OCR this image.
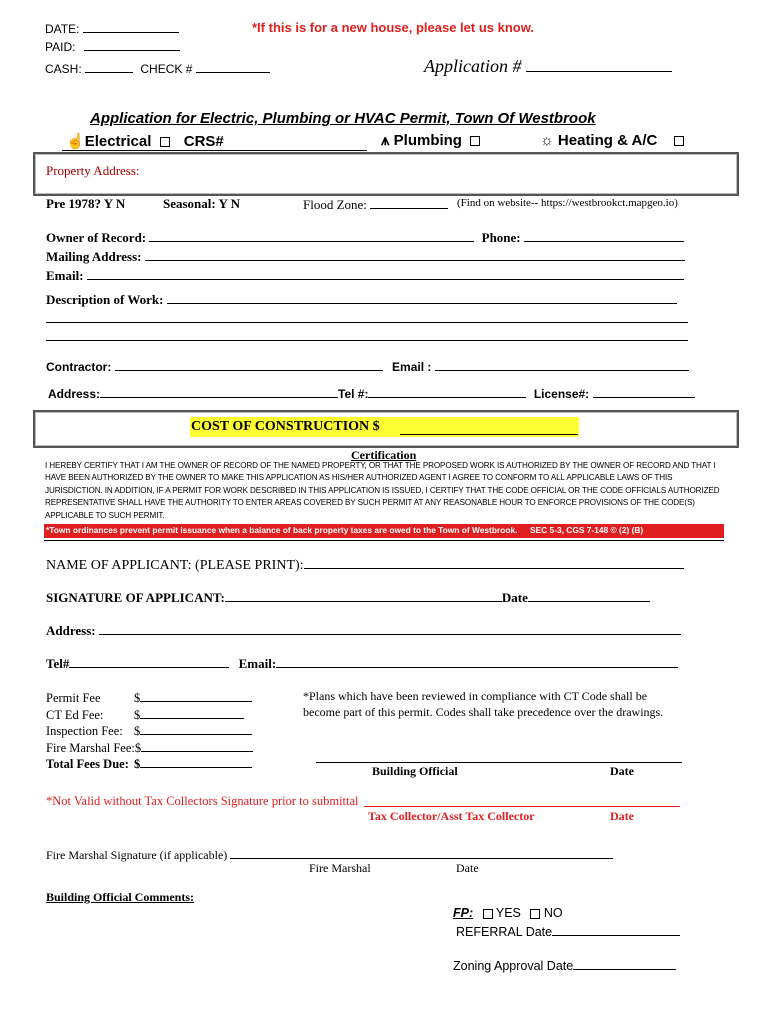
DATE:
PAID:
CASH:	CHECK #
*If this is for a new house, please let us know.
Application #
Application for Electric, Plumbing or HVAC Permit, Town Of Westbrook
☝Electrical CRS#	⩚ Plumbing	☼ Heating & A/C
Property Address:
Pre 1978? Y N	Seasonal: Y N	Flood Zone:	(Find on website-- https://westbrookct.mapgeo.io)
Owner of Record:	Phone:
Mailing Address:
Email:
Description of Work:
Contractor:	Email :
Address:	Tel #:	License#:
COST OF CONSTRUCTION $
Certification
I HEREBY CERTIFY THAT I AM THE OWNER OF RECORD OF THE NAMED PROPERTY, OR THAT THE PROPOSED WORK IS AUTHORIZED BY THE OWNER OF RECORD AND THAT I HAVE BEEN AUTHORIZED BY THE OWNER TO MAKE THIS APPLICATION AS HIS/HER AUTHORIZED AGENT I AGREE TO CONFORM TO ALL APPLICABLE LAWS OF THIS JURISDICTION. IN ADDITION, IF A PERMIT FOR WORK DESCRIBED IN THIS APPLICATION IS ISSUED, I CERTIFY THAT THE CODE OFFICIAL OR THE CODE OFFICIALS AUTHORIZED REPRESENTATIVE SHALL HAVE THE AUTHORITY TO ENTER AREAS COVERED BY SUCH PERMIT AT ANY REASONABLE HOUR TO ENFORCE PROVISIONS OF THE CODE(S) APPLICABLE TO SUCH PERMIT.
*Town ordinances prevent permit issuance when a balance of back property taxes are owed to the Town of Westbrook. SEC 5-3, CGS 7-148 © (2) (B)
NAME OF APPLICANT: (PLEASE PRINT):
SIGNATURE OF APPLICANT:	Date
Address:
Tel#	Email:
Permit Fee	$
CT Ed Fee: $
Inspection Fee: $
Fire Marshal Fee:$
Total Fees Due: $
*Plans which have been reviewed in compliance with CT Code shall be
become part of this permit. Codes shall take precedence over the drawings.
Building Official	Date
*Not Valid without Tax Collectors Signature prior to submittal
Tax Collector/Asst Tax Collector	Date
Fire Marshal Signature (if applicable)
Fire Marshal	Date
Building Official Comments:
FP: YES NO
REFERRAL Date
Zoning Approval Date
